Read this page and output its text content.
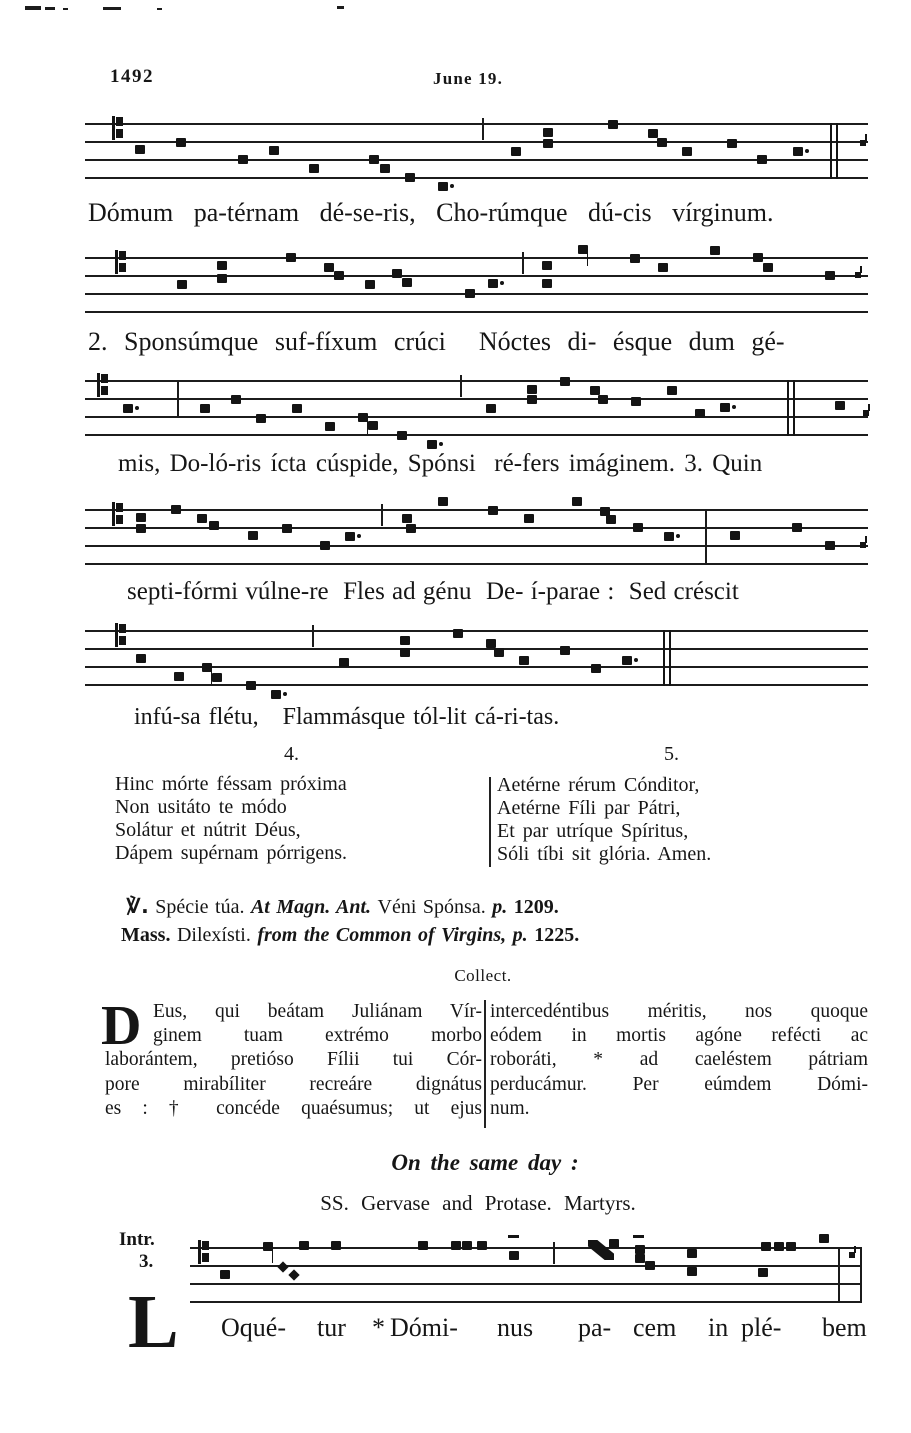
1492	June 19.
Dómum pa-térnam dé-se-ris, Cho-rúmque dú-cis vírginum.
2. Sponsúmque suf-fíxum crúci  Nóctes di- ésque dum gé-
mis, Do-ló-ris ícta cúspide, Spónsi  ré-fers imáginem. 3. Quin
septi-fórmi vúlne-re  Fles ad génu  De- í-parae :  Sed créscit
infú-sa flétu,   Flammásque tól-lit cá-ri-tas.
4.	5.
Hinc mórte féssam próxima
Non usitáto te módo
Solátur et nútrit Déus,
Dápem supérnam pórrigens.
Aetérne rérum Cónditor,
Aetérne Fíli par Pátri,
Et par utríque Spíritus,
Sóli tíbi sit glória. Amen.
℣. Spécie túa. At Magn. Ant. Véni Spónsa. p. 1209.
Mass. Dilexísti. from the Common of Virgins, p. 1225.
Collect.
D Eus, qui beátam Juliánam Vír-
ginem tuam extrémo morbo
laborántem, pretióso Fílii tui Cór-
pore mirabíliter recreáre dignátus
es : † concéde quaésumus; ut ejus
intercedéntibus méritis, nos quoque
eódem in mortis agóne refécti ac
roboráti, * ad caeléstem pátriam
perducámur. Per eúmdem Dómi-
num.
On the same day :
SS. Gervase and Protase. Martyrs.
Intr.
3.
L Oqué- tur * Dómi- nus pa- cem in plé- bem
